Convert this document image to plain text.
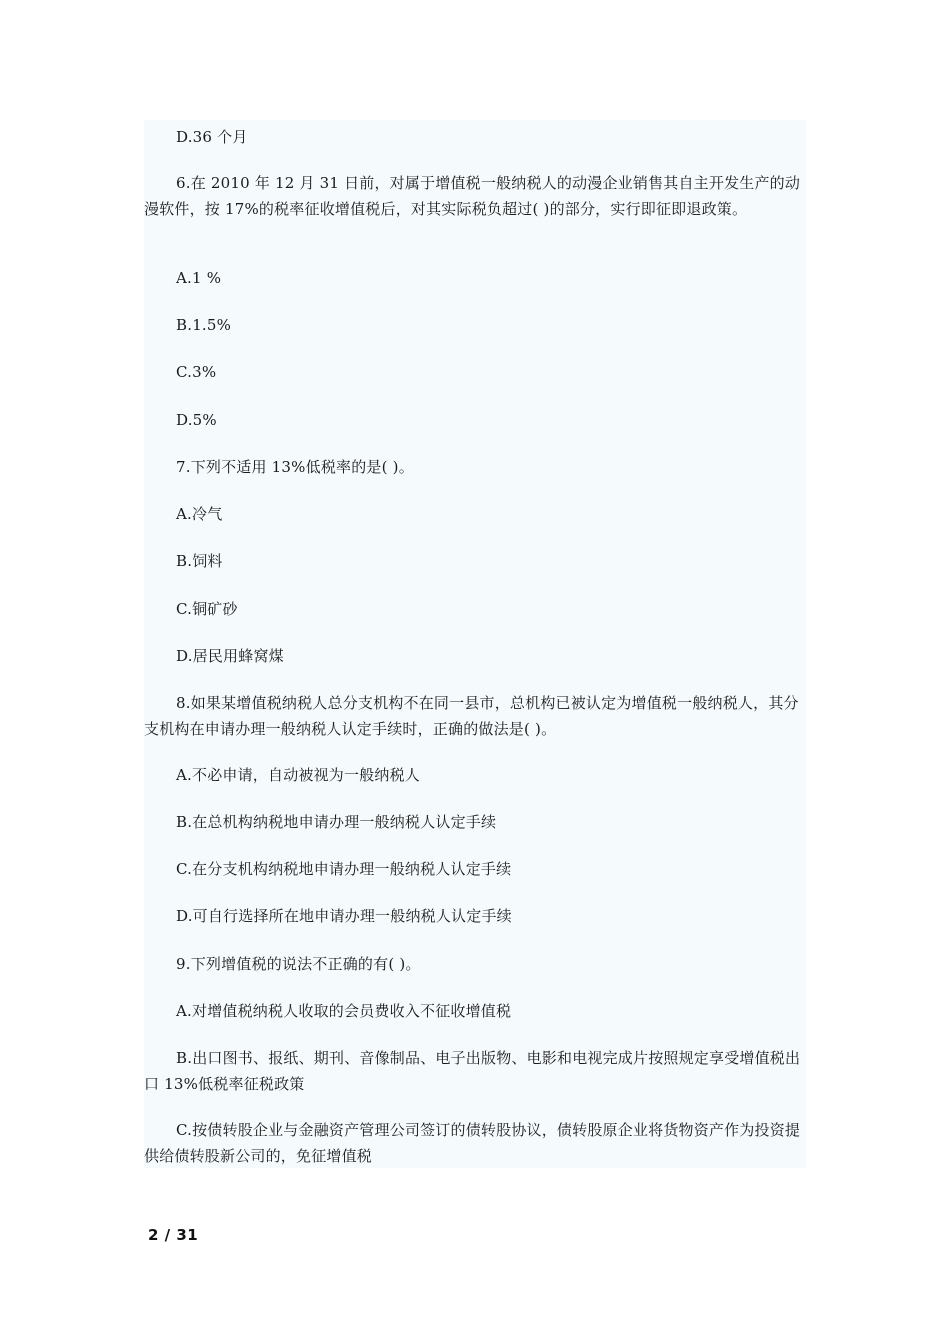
D.36 个月

6.在 2010 年 12 月 31 日前，对属于增值税一般纳税人的动漫企业销售其自主开发生产的动漫软件，按 17%的税率征收增值税后，对其实际税负超过( )的部分，实行即征即退政策。

A.1 %

B.1.5%

C.3%

D.5%

7.下列不适用 13%低税率的是( )。

A.冷气

B.饲料

C.铜矿砂

D.居民用蜂窝煤

8.如果某增值税纳税人总分支机构不在同一县市，总机构已被认定为增值税一般纳税人，其分支机构在申请办理一般纳税人认定手续时，正确的做法是( )。

A.不必申请，自动被视为一般纳税人

B.在总机构纳税地申请办理一般纳税人认定手续

C.在分支机构纳税地申请办理一般纳税人认定手续

D.可自行选择所在地申请办理一般纳税人认定手续

9.下列增值税的说法不正确的有( )。

A.对增值税纳税人收取的会员费收入不征收增值税

B.出口图书、报纸、期刊、音像制品、电子出版物、电影和电视完成片按照规定享受增值税出口 13%低税率征税政策

C.按债转股企业与金融资产管理公司签订的债转股协议，债转股原企业将货物资产作为投资提供给债转股新公司的，免征增值税

2 / 31
